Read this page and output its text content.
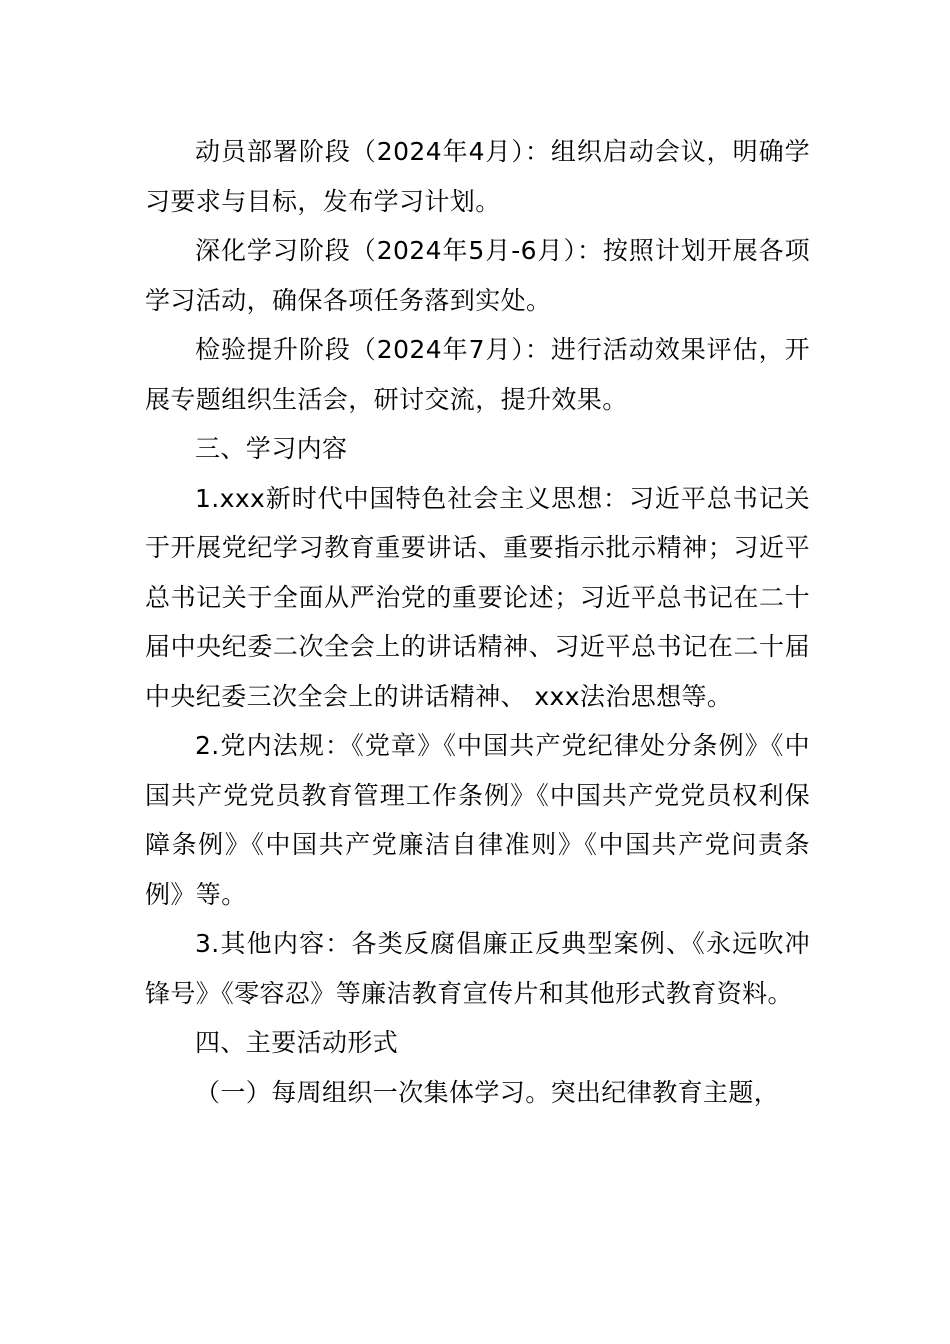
动员部署阶段（2024年4月）：组织启动会议，明确学习要求与目标，发布学习计划。

深化学习阶段（2024年5月-6月）：按照计划开展各项学习活动，确保各项任务落到实处。

检验提升阶段（2024年7月）：进行活动效果评估，开展专题组织生活会，研讨交流，提升效果。

三、学习内容

1.xxx新时代中国特色社会主义思想：习近平总书记关于开展党纪学习教育重要讲话、重要指示批示精神；习近平总书记关于全面从严治党的重要论述；习近平总书记在二十届中央纪委二次全会上的讲话精神、习近平总书记在二十届中央纪委三次全会上的讲话精神、 xxx法治思想等。

2.党内法规：《党章》《中国共产党纪律处分条例》《中国共产党党员教育管理工作条例》《中国共产党党员权利保障条例》《中国共产党廉洁自律准则》《中国共产党问责条例》等。

3.其他内容：各类反腐倡廉正反典型案例、《永远吹冲锋号》《零容忍》等廉洁教育宣传片和其他形式教育资料。

四、主要活动形式

（一）每周组织一次集体学习。突出纪律教育主题，
